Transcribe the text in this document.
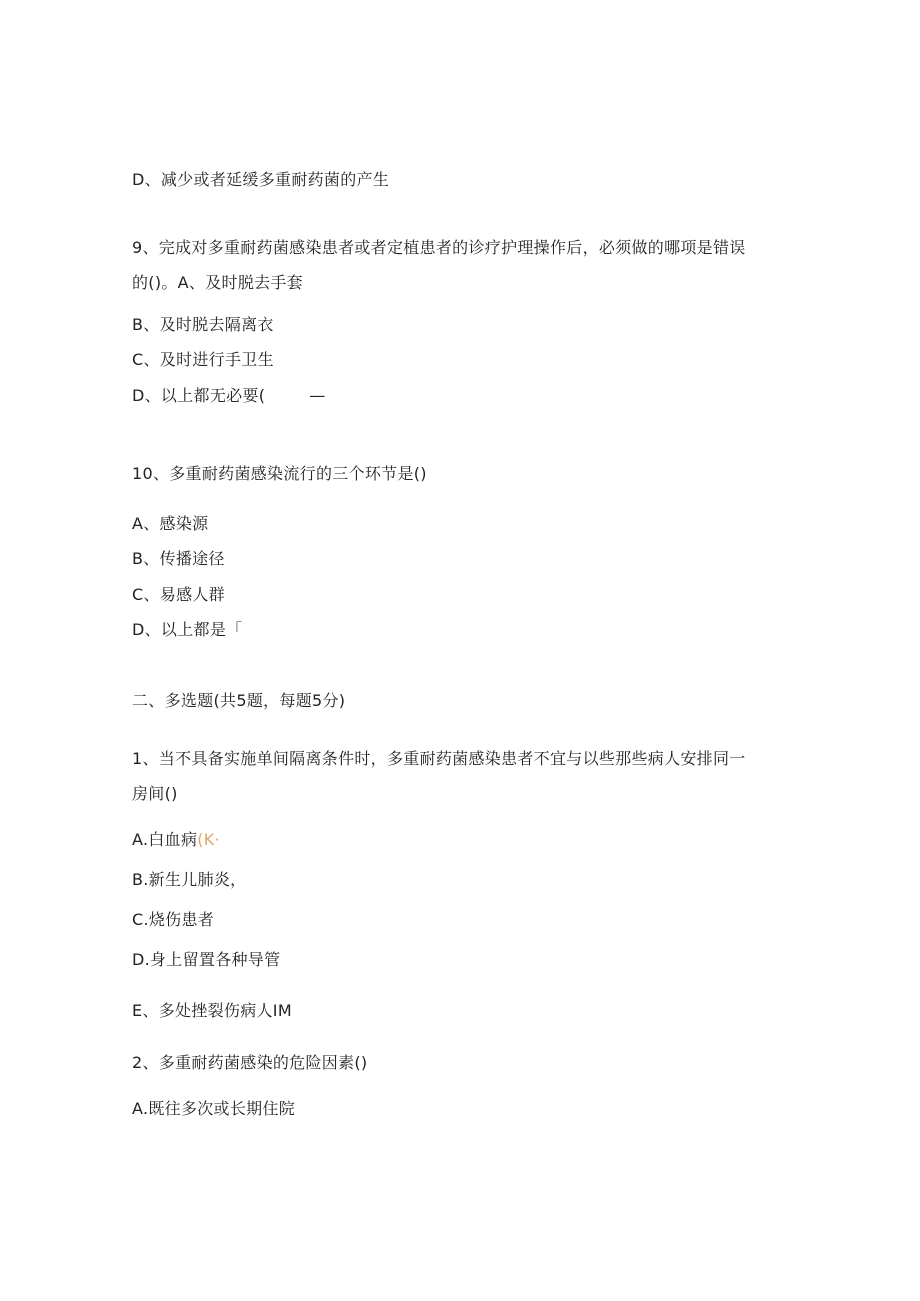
D、减少或者延缓多重耐药菌的产生
9、完成对多重耐药菌感染患者或者定植患者的诊疗护理操作后，必须做的哪项是错误
的()。A、及时脱去手套
B、及时脱去隔离衣
C、及时进行手卫生
D、以上都无必要(	—
10、多重耐药菌感染流行的三个环节是()
A、感染源
B、传播途径
C、易感人群
D、以上都是「
二、多选题(共5题，每题5分)
1、当不具备实施单间隔离条件时，多重耐药菌感染患者不宜与以些那些病人安排同一
房间()
A.白血病(K·
B.新生儿肺炎，
C.烧伤患者
D.身上留置各种导管
E、多处挫裂伤病人IM
2、多重耐药菌感染的危险因素()
A.既往多次或长期住院
